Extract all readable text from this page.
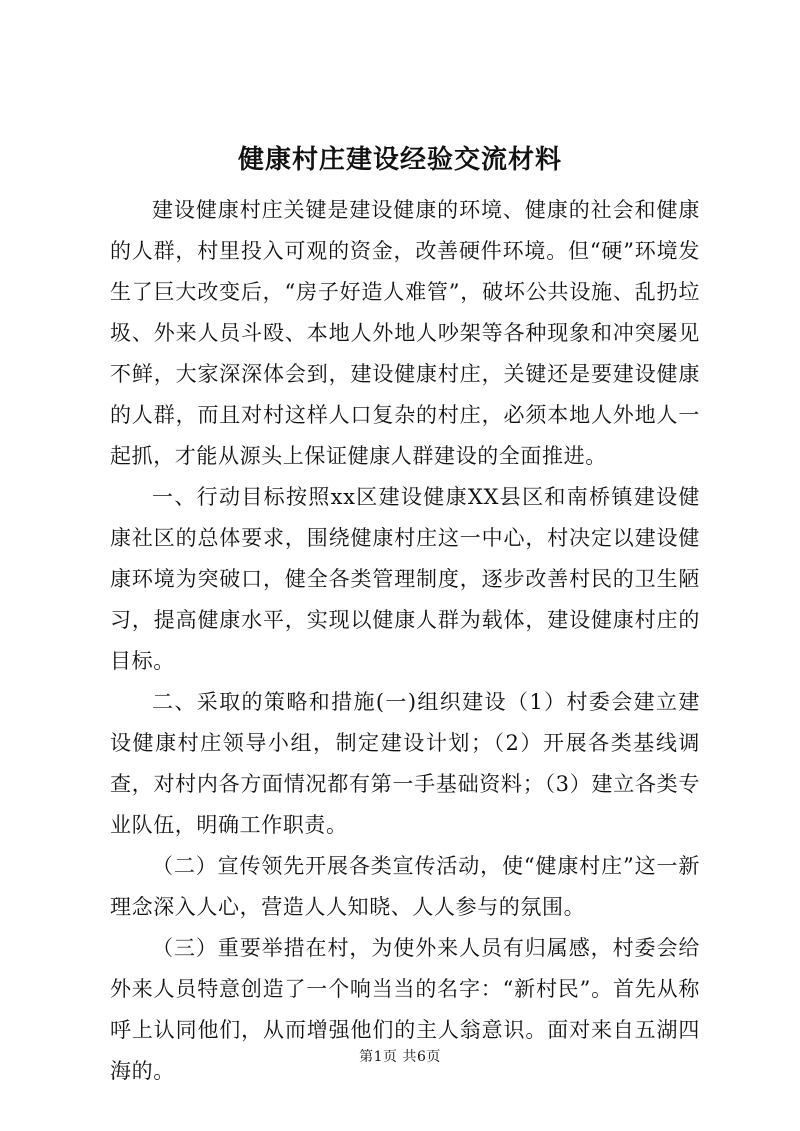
健康村庄建设经验交流材料

建设健康村庄关键是建设健康的环境、健康的社会和健康的人群，村里投入可观的资金，改善硬件环境。但“硬”环境发生了巨大改变后，“房子好造人难管”，破坏公共设施、乱扔垃圾、外来人员斗殴、本地人外地人吵架等各种现象和冲突屡见不鲜，大家深深体会到，建设健康村庄，关键还是要建设健康的人群，而且对村这样人口复杂的村庄，必须本地人外地人一起抓，才能从源头上保证健康人群建设的全面推进。

一、行动目标按照xx区建设健康XX县区和南桥镇建设健康社区的总体要求，围绕健康村庄这一中心，村决定以建设健康环境为突破口，健全各类管理制度，逐步改善村民的卫生陋习，提高健康水平，实现以健康人群为载体，建设健康村庄的目标。

二、采取的策略和措施(一)组织建设（1）村委会建立建设健康村庄领导小组，制定建设计划；（2）开展各类基线调查，对村内各方面情况都有第一手基础资料；（3）建立各类专业队伍，明确工作职责。

（二）宣传领先开展各类宣传活动，使“健康村庄”这一新理念深入人心，营造人人知晓、人人参与的氛围。

（三）重要举措在村，为使外来人员有归属感，村委会给外来人员特意创造了一个响当当的名字：“新村民”。首先从称呼上认同他们，从而增强他们的主人翁意识。面对来自五湖四海的。

第1页 共6页
